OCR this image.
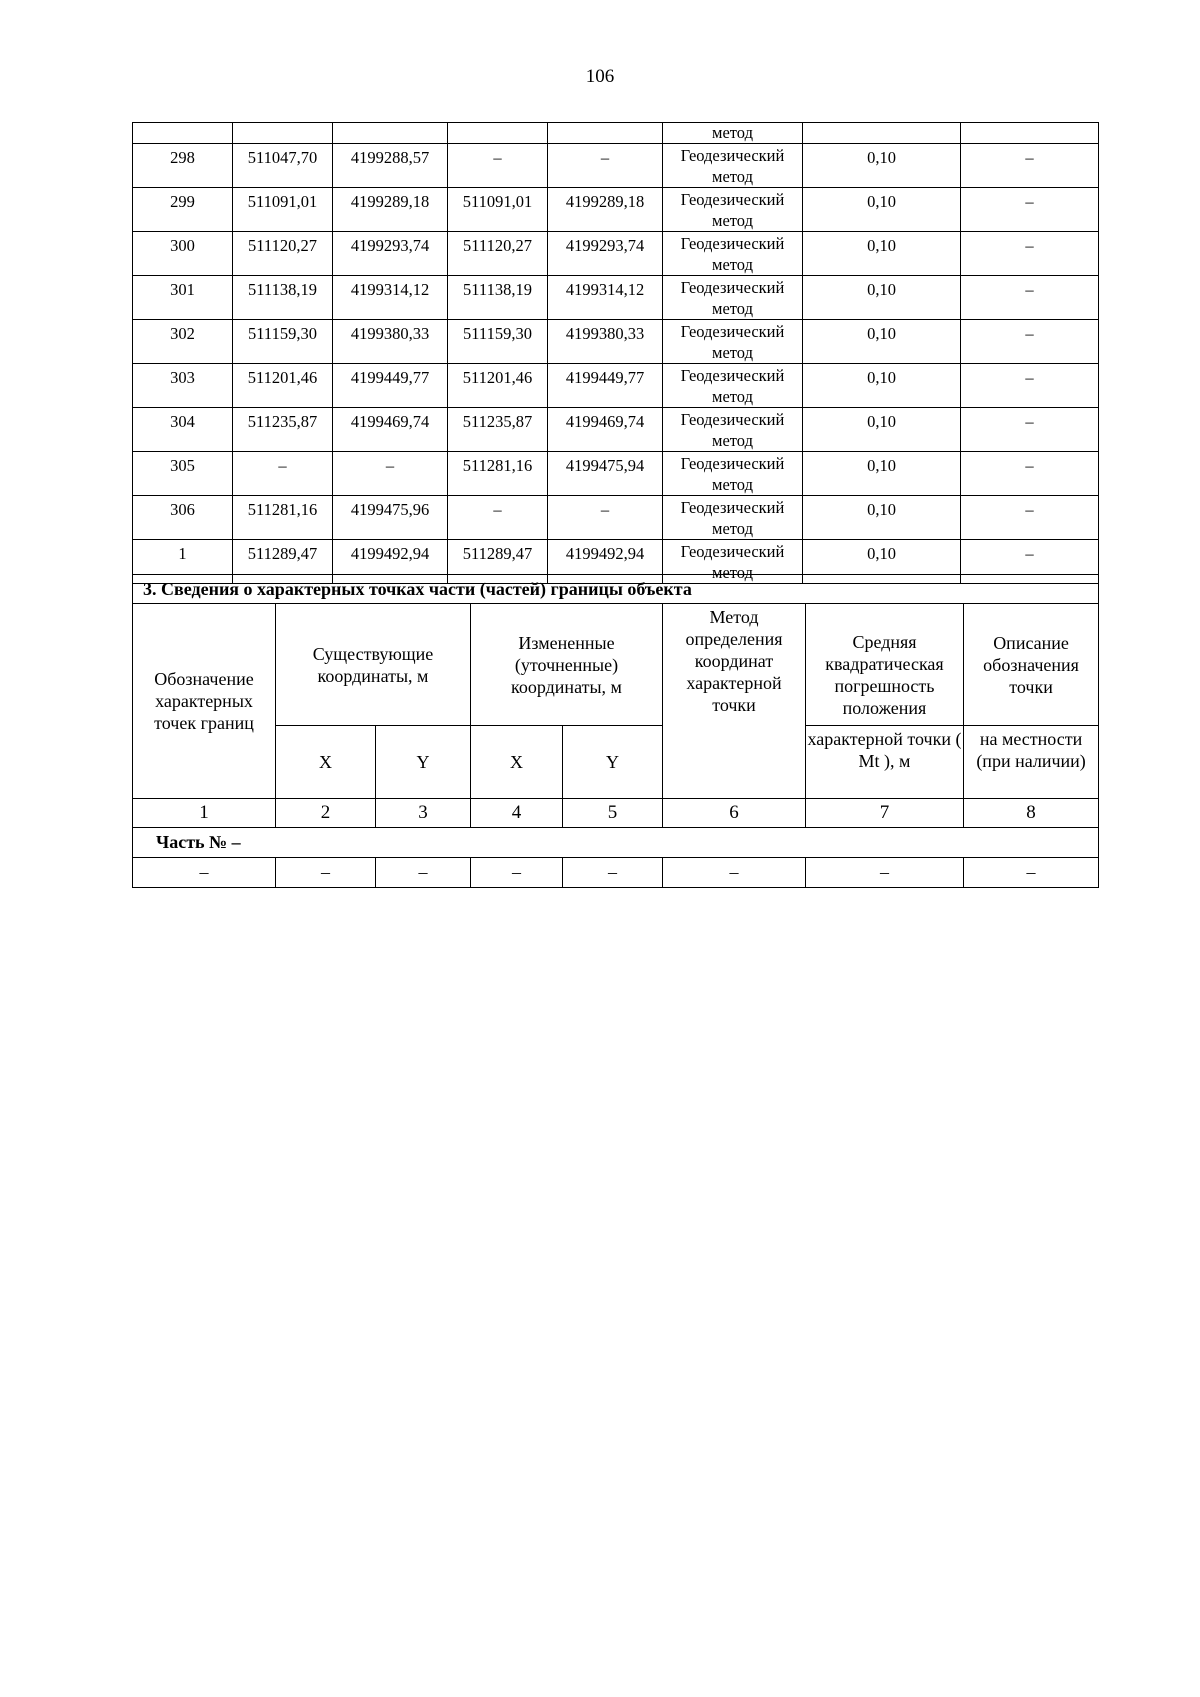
106
					метод		

298	511047,70	4199288,57	–	–	Геодезический метод	0,10	–

299	511091,01	4199289,18	511091,01	4199289,18	Геодезический метод	0,10	–

300	511120,27	4199293,74	511120,27	4199293,74	Геодезический метод	0,10	–

301	511138,19	4199314,12	511138,19	4199314,12	Геодезический метод	0,10	–

302	511159,30	4199380,33	511159,30	4199380,33	Геодезический метод	0,10	–

303	511201,46	4199449,77	511201,46	4199449,77	Геодезический метод	0,10	–

304	511235,87	4199469,74	511235,87	4199469,74	Геодезический метод	0,10	–

305	–	–	511281,16	4199475,94	Геодезический метод	0,10	–

306	511281,16	4199475,96	–	–	Геодезический метод	0,10	–

1	511289,47	4199492,94	511289,47	4199492,94	Геодезический метод	0,10	–
3. Сведения о характерных точках части (частей) границы объекта							
Обозначение характерных точек границ	Существующие координаты, м		Измененные (уточненные) координаты, м		Метод определения координат характерной точки	Средняя квадратическая погрешность положения	Описание обозначения точки
	X	Y	X	Y		характерной точки ( Mt ), м	на местности (при наличии)
1	2	3	4	5	6	7	8
Часть № –							
–	–	–	–	–	–	–	–
